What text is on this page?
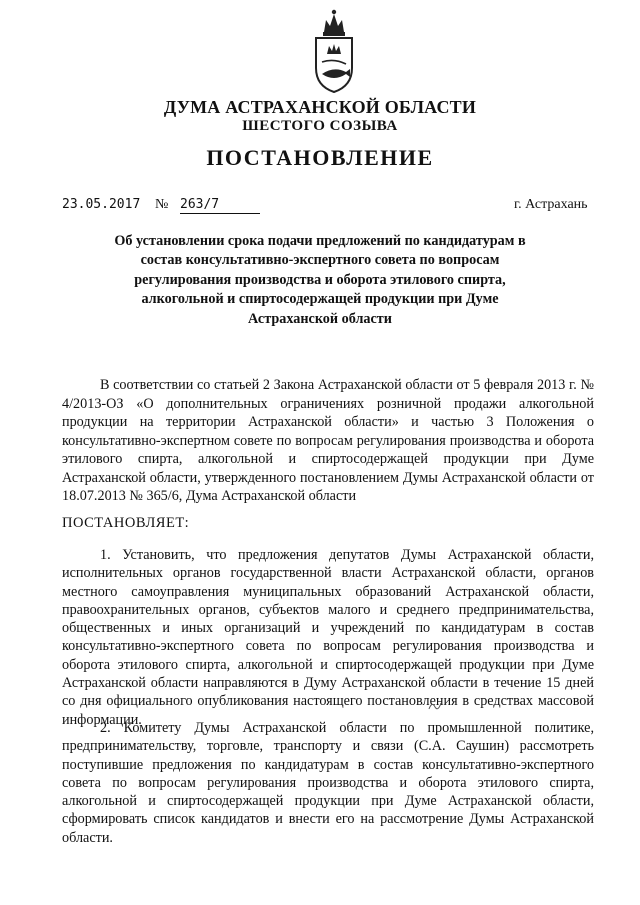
ДУМА АСТРАХАНСКОЙ ОБЛАСТИ
ШЕСТОГО СОЗЫВА
ПОСТАНОВЛЕНИЕ
23.05.2017 № 263/7	г. Астрахань
Об установлении срока подачи предложений по кандидатурам в состав консультативно-экспертного совета по вопросам регулирования производства и оборота этилового спирта, алкогольной и спиртосодержащей продукции при Думе Астраханской области

В соответствии со статьей 2 Закона Астраханской области от 5 февраля 2013 г. № 4/2013-ОЗ «О дополнительных ограничениях розничной продажи алкогольной продукции на территории Астраханской области» и частью 3 Положения о консультативно-экспертном совете по вопросам регулирования производства и оборота этилового спирта, алкогольной и спиртосодержащей продукции при Думе Астраханской области, утвержденного постановлением Думы Астраханской области от 18.07.2013 № 365/6, Дума Астраханской области

ПОСТАНОВЛЯЕТ:

1. Установить, что предложения депутатов Думы Астраханской области, исполнительных органов государственной власти Астраханской области, органов местного самоуправления муниципальных образований Астраханской области, правоохранительных органов, субъектов малого и среднего предпринимательства, общественных и иных организаций и учреждений по кандидатурам в состав консультативно-экспертного совета по вопросам регулирования производства и оборота этилового спирта, алкогольной и спиртосодержащей продукции при Думе Астраханской области направляются в Думу Астраханской области в течение 15 дней со дня официального опубликования настоящего постановления в средствах массовой информации.

2. Комитету Думы Астраханской области по промышленной политике, предпринимательству, торговле, транспорту и связи (С.А. Саушин) рассмотреть поступившие предложения по кандидатурам в состав консультативно-экспертного совета по вопросам регулирования производства и оборота этилового спирта, алкогольной и спиртосодержащей продукции при Думе Астраханской области, сформировать список кандидатов и внести его на рассмотрение Думы Астраханской области.
